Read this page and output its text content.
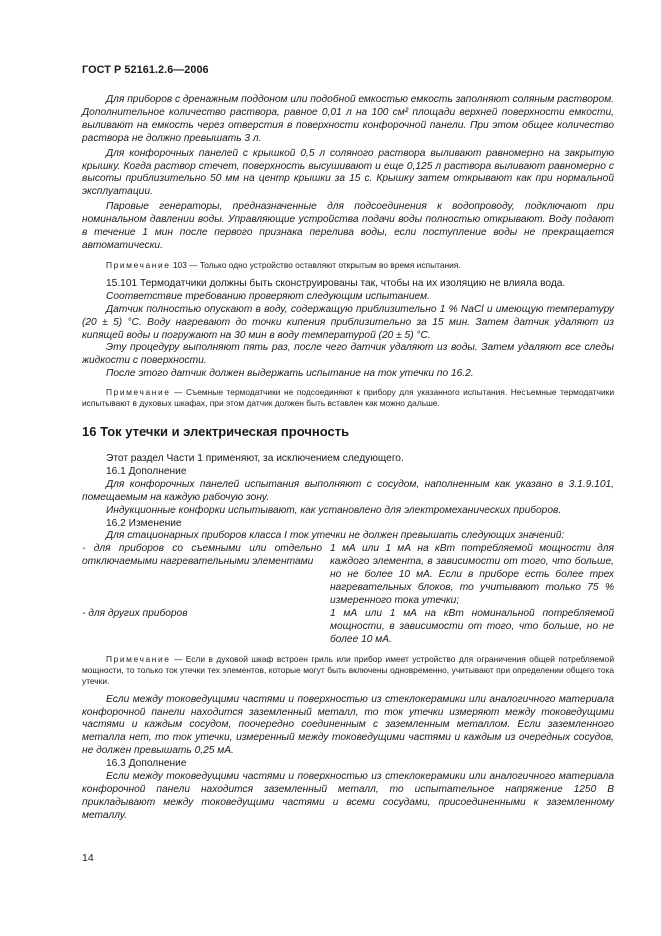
ГОСТ Р 52161.2.6—2006

Для приборов с дренажным поддоном или подобной емкостью емкость заполняют соляным раствором. Дополнительное количество раствора, равное 0,01 л на 100 см² площади верхней поверхности емкости, выливают на емкость через отверстия в поверхности конфорочной панели. При этом общее количество раствора не должно превышать 3 л.

Для конфорочных панелей с крышкой 0,5 л соляного раствора выливают равномерно на закрытую крышку. Когда раствор стечет, поверхность высушивают и еще 0,125 л раствора выливают равномерно с высоты приблизительно 50 мм на центр крышки за 15 с. Крышку затем открывают как при нормальной эксплуатации.

Паровые генераторы, предназначенные для подсоединения к водопроводу, подключают при номинальном давлении воды. Управляющие устройства подачи воды полностью открывают. Воду подают в течение 1 мин после первого признака перелива воды, если поступление воды не прекращается автоматически.

Примечание 103 — Только одно устройство оставляют открытым во время испытания.

15.101 Термодатчики должны быть сконструированы так, чтобы на их изоляцию не влияла вода.

Соответствие требованию проверяют следующим испытанием.

Датчик полностью опускают в воду, содержащую приблизительно 1 % NaCl и имеющую температуру (20 ± 5) °С. Воду нагревают до точки кипения приблизительно за 15 мин. Затем датчик удаляют из кипящей воды и погружают на 30 мин в воду температурой (20 ± 5) °С.

Эту процедуру выполняют пять раз, после чего датчик удаляют из воды. Затем удаляют все следы жидкости с поверхности.

После этого датчик должен выдержать испытание на ток утечки по 16.2.

Примечание — Съемные термодатчики не подсоединяют к прибору для указанного испытания. Несъемные термодатчики испытывают в духовых шкафах, при этом датчик должен быть вставлен как можно дальше.

16 Ток утечки и электрическая прочность

Этот раздел Части 1 применяют, за исключением следующего.

16.1 Дополнение

Для конфорочных панелей испытания выполняют с сосудом, наполненным как указано в 3.1.9.101, помещаемым на каждую рабочую зону.

Индукционные конфорки испытывают, как установлено для электромеханических приборов.

16.2 Изменение

Для стационарных приборов класса I ток утечки не должен превышать следующих значений:

- для приборов со съемными или отдельно отключаемыми нагревательными элементами
1 мА или 1 мА на кВт потребляемой мощности для каждого элемента, в зависимости от того, что больше, но не более 10 мА. Если в приборе есть более трех нагревательных блоков, то учитывают только 75 % измеренного тока утечки;
- для других приборов	1 мА или 1 мА на кВт номинальной потребляемой мощности, в зависимости от того, что больше, но не более 10 мА.

Примечание — Если в духовой шкаф встроен гриль или прибор имеет устройство для ограничения общей потребляемой мощности, то только ток утечки тех элементов, которые могут быть включены одновременно, учитывают при определении общего тока утечки.

Если между токоведущими частями и поверхностью из стеклокерамики или аналогичного материала конфорочной панели находится заземленный металл, то ток утечки измеряют между токоведущими частями и каждым сосудом, поочередно соединенным с заземленным металлом. Если заземленного металла нет, то ток утечки, измеренный между токоведущими частями и каждым из очередных сосудов, не должен превышать 0,25 мА.

16.3 Дополнение

Если между токоведущими частями и поверхностью из стеклокерамики или аналогичного материала конфорочной панели находится заземленный металл, то испытательное напряжение 1250 В прикладывают между токоведущими частями и всеми сосудами, присоединенными к заземленному металлу.

14
